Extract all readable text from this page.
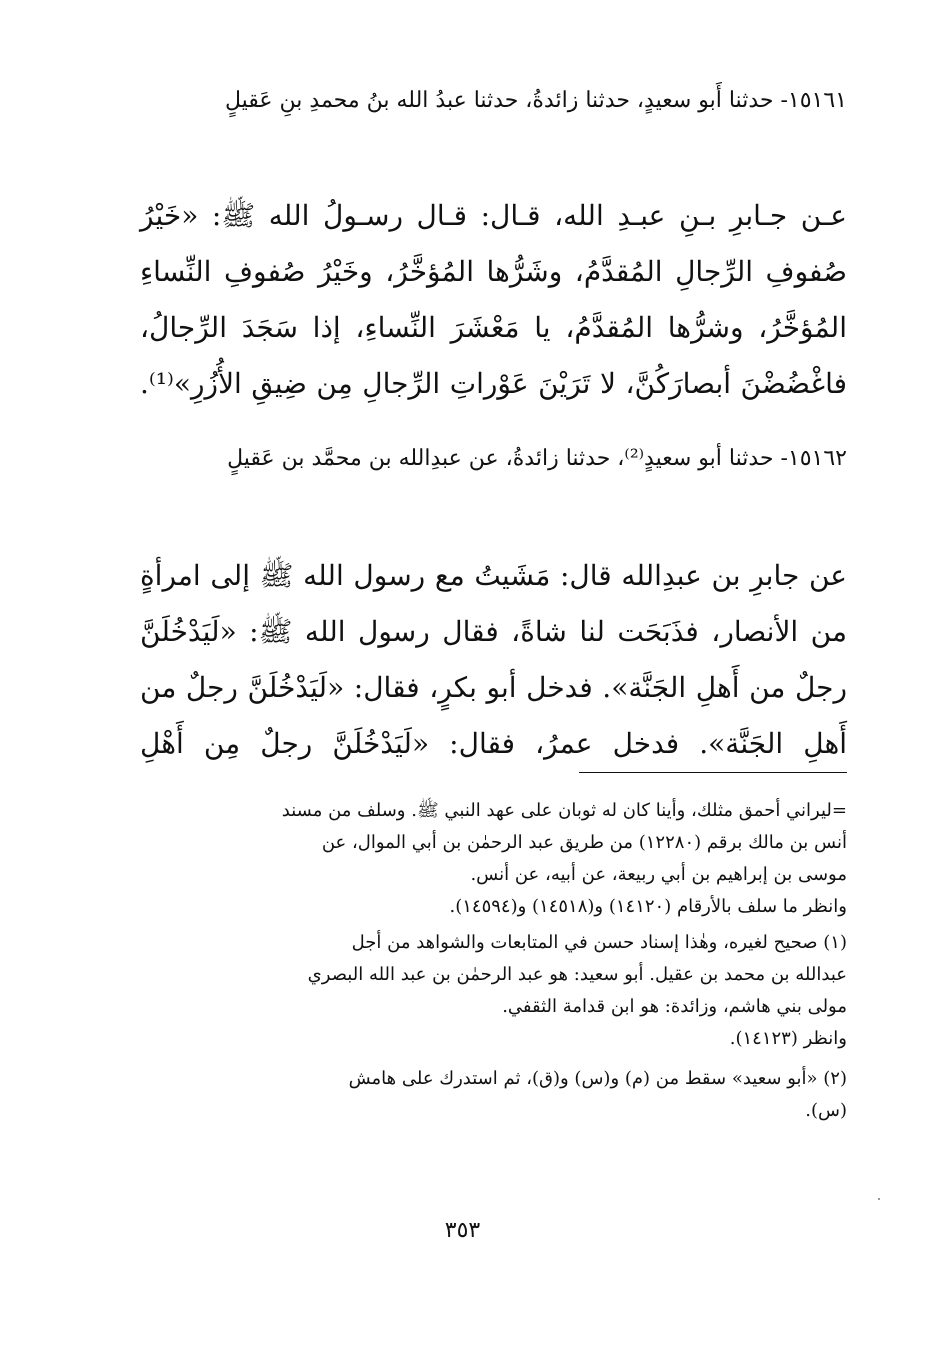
١٥١٦١- حدثنا أَبو سعيدٍ، حدثنا زائدةُ، حدثنا عبدُ الله بنُ محمدِ بنِ عَقيلٍ

عـن جـابرِ بـنِ عبـدِ الله، قـال: قـال رسـولُ الله ﷺ: «خَيْرُ صُفوفِ الرِّجالِ المُقدَّمُ، وشَرُّها المُؤخَّرُ، وخَيْرُ صُفوفِ النِّساءِ المُؤخَّرُ، وشرُّها المُقدَّمُ، يا مَعْشَرَ النِّساءِ، إذا سَجَدَ الرِّجالُ، فاغْضُضْنَ أبصارَكُنَّ، لا تَرَيْنَ عَوْراتِ الرِّجالِ مِن ضِيقِ الأُزُرِ»⁽¹⁾.

١٥١٦٢- حدثنا أبو سعيدٍ⁽²⁾، حدثنا زائدةُ، عن عبدِالله بن محمَّد بن عَقيلٍ

عن جابرِ بن عبدِالله قال: مَشَيتُ مع رسول الله ﷺ إلى امرأةٍ من الأنصار، فذَبَحَت لنا شاةً، فقال رسول الله ﷺ: «لَيَدْخُلَنَّ رجلٌ من أَهلِ الجَنَّة». فدخل أبو بكرٍ، فقال: «لَيَدْخُلَنَّ رجلٌ من أَهلِ الجَنَّة». فدخل عمرُ، فقال: «لَيَدْخُلَنَّ رجلٌ مِن أَهْلِ

=ليراني أحمق مثلك، وأينا كان له ثوبان على عهد النبي ﷺ. وسلف من مسند
أنس بن مالك برقم (١٢٢٨٠) من طريق عبد الرحمٰن بن أبي الموال، عن
موسى بن إبراهيم بن أبي ربيعة، عن أبيه، عن أنس.
وانظر ما سلف بالأرقام (١٤١٢٠) و(١٤٥١٨) و(١٤٥٩٤).

(١) صحيح لغيره، وهٰذا إسناد حسن في المتابعات والشواهد من أجل
عبدالله بن محمد بن عقيل. أبو سعيد: هو عبد الرحمٰن بن عبد الله البصري
مولى بني هاشم، وزائدة: هو ابن قدامة الثقفي.
وانظر (١٤١٢٣).

(٢) «أبو سعيد» سقط من (م) و(س) و(ق)، ثم استدرك على هامش
(س).

٣٥٣
